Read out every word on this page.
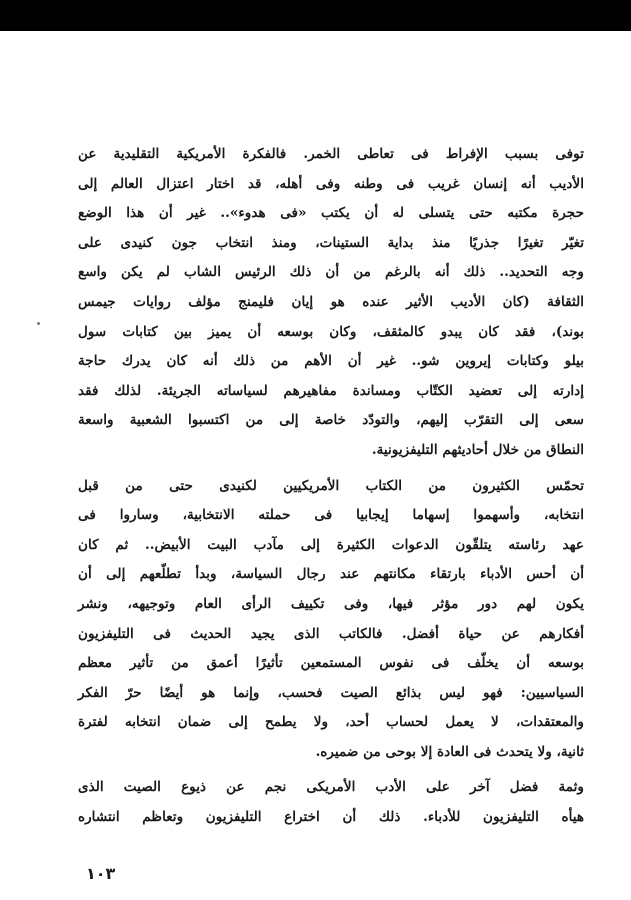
توفى بسبب الإفراط فى تعاطى الخمر. فالفكرة الأمريكية التقليدية عن
الأديب أنه إنسان غريب فى وطنه وفى أهله، قد اختار اعتزال العالم إلى
حجرة مكتبه حتى يتسلى له أن يكتب «فى هدوء».. غير أن هذا الوضع
تغيّر تغيرًا جذريًا منذ بداية الستينات، ومنذ انتخاب جون كنيدى على
وجه التحديد.. ذلك أنه بالرغم من أن ذلك الرئيس الشاب لم يكن واسع
الثقافة (كان الأديب الأثير عنده هو إيان فليمنج مؤلف روايات جيمس
بوند)، فقد كان يبدو كالمثقف، وكان بوسعه أن يميز بين كتابات سول
بيلو وكتابات إيروين شو.. غير أن الأهم من ذلك أنه كان يدرك حاجة
إدارته إلى تعضيد الكتّاب ومساندة مفاهيرهم لسياساته الجريئة. لذلك فقد
سعى إلى التقرّب إليهم، والتودّد خاصة إلى من اكتسبوا الشعبية واسعة
النطاق من خلال أحاديثهم التليفزيونية.
تحمّس الكثيرون من الكتاب الأمريكيين لكنيدى حتى من قبل
انتخابه، وأسهموا إسهاما إيجابيا فى حملته الانتخابية، وساروا فى
عهد رئاسته يتلقّون الدعوات الكثيرة إلى مآدب البيت الأبيض.. ثم كان
أن أحس الأدباء بارتقاء مكانتهم عند رجال السياسة، وبدأ تطلّعهم إلى أن
يكون لهم دور مؤثر فيها، وفى تكييف الرأى العام وتوجيهه، ونشر
أفكارهم عن حياة أفضل. فالكاتب الذى يجيد الحديث فى التليفزيون
بوسعه أن يخلّف فى نفوس المستمعين تأثيرًا أعمق من تأثير معظم
السياسيين: فهو ليس بذائع الصيت فحسب، وإنما هو أيضًا حرّ الفكر
والمعتقدات، لا يعمل لحساب أحد، ولا يطمح إلى ضمان انتخابه لفترة
ثانية، ولا يتحدث فى العادة إلا بوحى من ضميره.
وثمة فضل آخر على الأدب الأمريكى نجم عن ذيوع الصيت الذى
هيأه التليفزيون للأدباء. ذلك أن اختراع التليفزيون وتعاظم انتشاره
١٠٣
